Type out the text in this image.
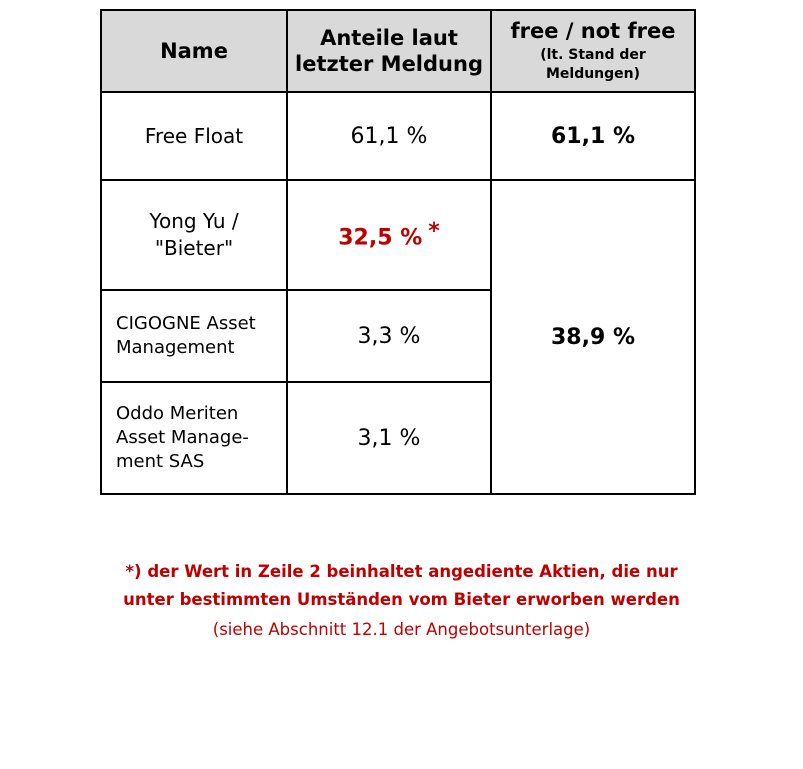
Name	Anteile laut letzter Meldung	free / not free
(lt. Stand der Meldungen)

Free Float	61,1 %	61,1 %

Yong Yu /
"Bieter"	32,5 % *	38,9 %

CIGOGNE Asset
Management	3,3 %	

Oddo Meriten
Asset Manage-
ment SAS	3,1 %	
*) der Wert in Zeile 2 beinhaltet angediente Aktien, die nur
unter bestimmten Umständen vom Bieter erworben werden
(siehe Abschnitt 12.1 der Angebotsunterlage)
